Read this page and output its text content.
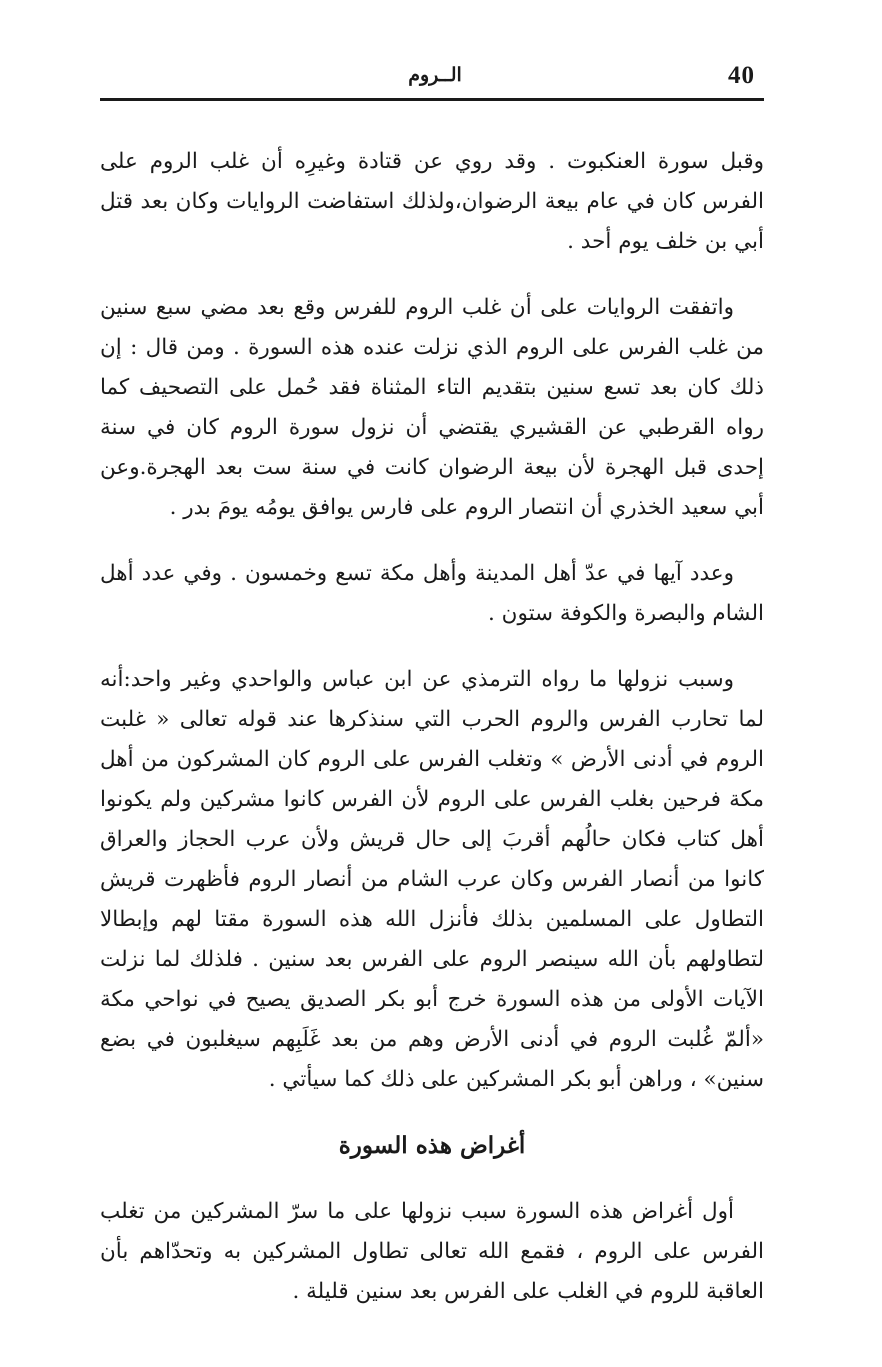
40
الــروم

وقبل سورة العنكبوت . وقد روي عن قتادة وغيرِه أن غلب الروم على الفرس كان في عام بيعة الرضوان،ولذلك استفاضت الروايات وكان بعد قتل أبي بن خلف يوم أحد .

واتفقت الروايات على أن غلب الروم للفرس وقع بعد مضي سبع سنين من غلب الفرس على الروم الذي نزلت عنده هذه السورة . ومن قال : إن ذلك كان بعد تسع سنين بتقديم التاء المثناة فقد حُمل على التصحيف كما رواه القرطبي عن القشيري يقتضي أن نزول سورة الروم كان في سنة إحدى قبل الهجرة لأن بيعة الرضوان كانت في سنة ست بعد الهجرة.وعن أبي سعيد الخذري أن انتصار الروم على فارس يوافق يومُه يومَ بدر .

وعدد آيها في عدّ أهل المدينة وأهل مكة تسع وخمسون . وفي عدد أهل الشام والبصرة والكوفة ستون .

وسبب نزولها ما رواه الترمذي عن ابن عباس والواحدي وغير واحد:أنه لما تحارب الفرس والروم الحرب التي سنذكرها عند قوله تعالى « غلبت الروم في أدنى الأرض » وتغلب الفرس على الروم كان المشركون من أهل مكة فرحين بغلب الفرس على الروم لأن الفرس كانوا مشركين ولم يكونوا أهل كتاب فكان حالُهم أقربَ إلى حال قريش ولأن عرب الحجاز والعراق كانوا من أنصار الفرس وكان عرب الشام من أنصار الروم فأظهرت قريش التطاول على المسلمين بذلك فأنزل الله هذه السورة مقتا لهم وإبطالا لتطاولهم بأن الله سينصر الروم على الفرس بعد سنين . فلذلك لما نزلت الآيات الأولى من هذه السورة خرج أبو بكر الصديق يصيح في نواحي مكة «ألمّ غُلبت الروم في أدنى الأرض وهم من بعد غَلَبِهم سيغلبون في بضع سنين» ، وراهن أبو بكر المشركين على ذلك كما سيأتي .

أغراض هذه السورة

أول أغراض هذه السورة سبب نزولها على ما سرّ المشركين من تغلب الفرس على الروم ، فقمع الله تعالى تطاول المشركين به وتحدّاهم بأن العاقبة للروم في الغلب على الفرس بعد سنين قليلة .
